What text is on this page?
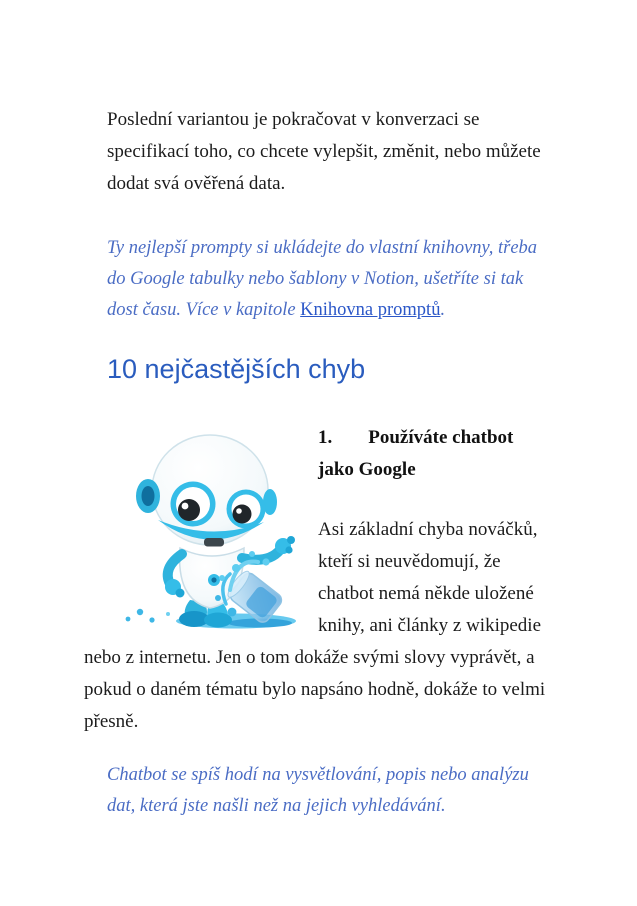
Poslední variantou je pokračovat v konverzaci se specifikací toho, co chcete vylepšit, změnit, nebo můžete dodat svá ověřená data.

Ty nejlepší prompty si ukládejte do vlastní knihovny, třeba do Google tabulky nebo šablony v Notion, ušetříte si tak dost času. Více v kapitole Knihovna promptů.

10 nejčastějších chyb

1. Používáte chatbot jako Google

Asi základní chyba nováčků, kteří si neuvědomují, že chatbot nemá někde uložené knihy, ani články z wikipedie nebo z internetu. Jen o tom dokáže svými slovy vyprávět, a pokud o daném tématu bylo napsáno hodně, dokáže to velmi přesně.

Chatbot se spíš hodí na vysvětlování, popis nebo analýzu dat, která jste našli než na jejich vyhledávání.
